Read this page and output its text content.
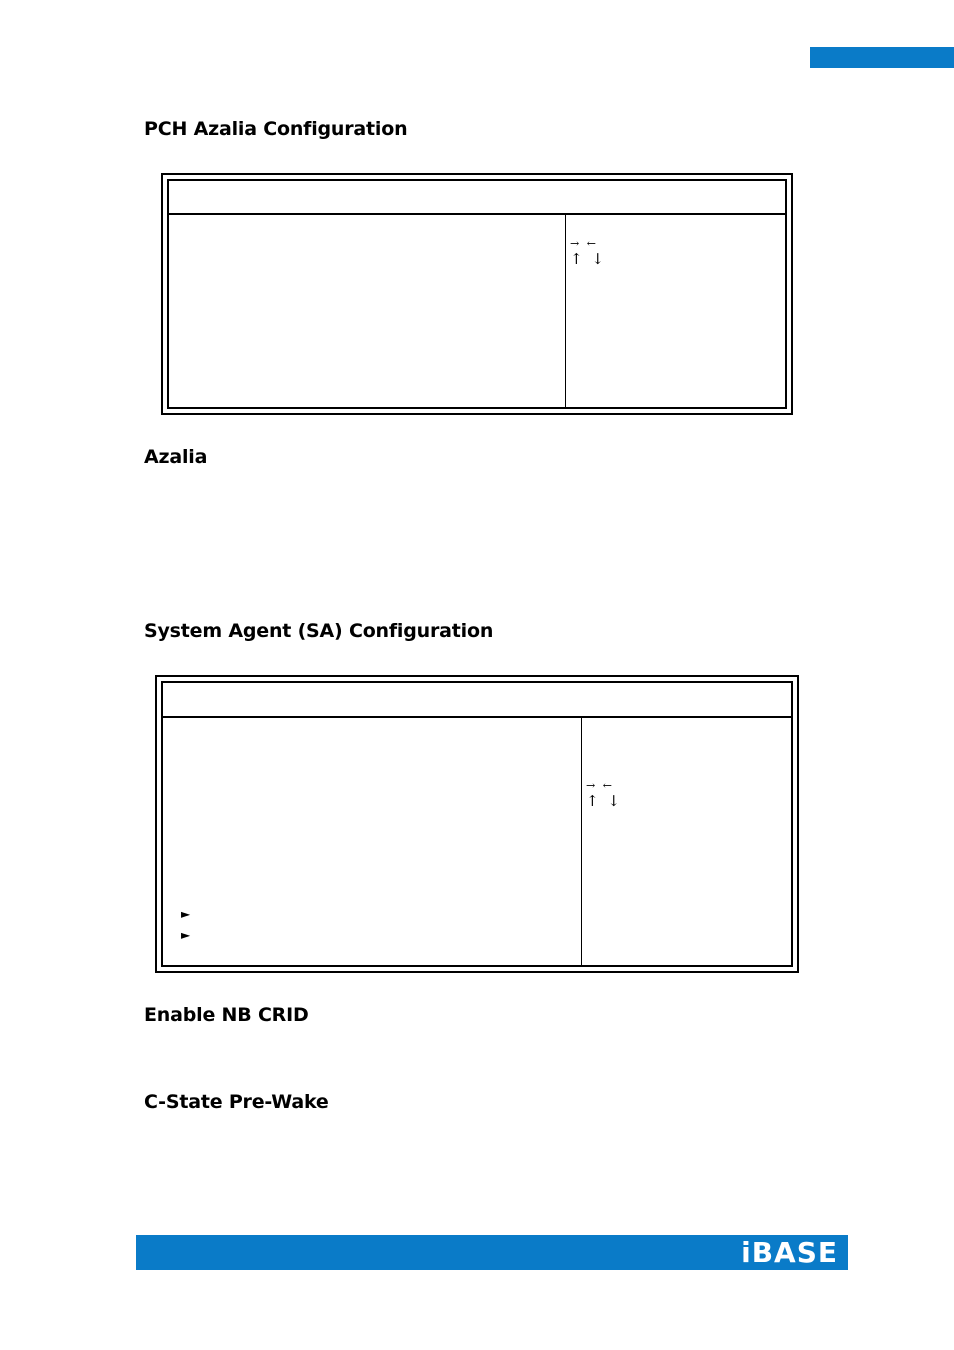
PCH Azalia Configuration
→ ←
↑ ↓
Azalia
System Agent (SA) Configuration
→ ←
↑ ↓
►
►
Enable NB CRID
C-State Pre-Wake
iBASE
